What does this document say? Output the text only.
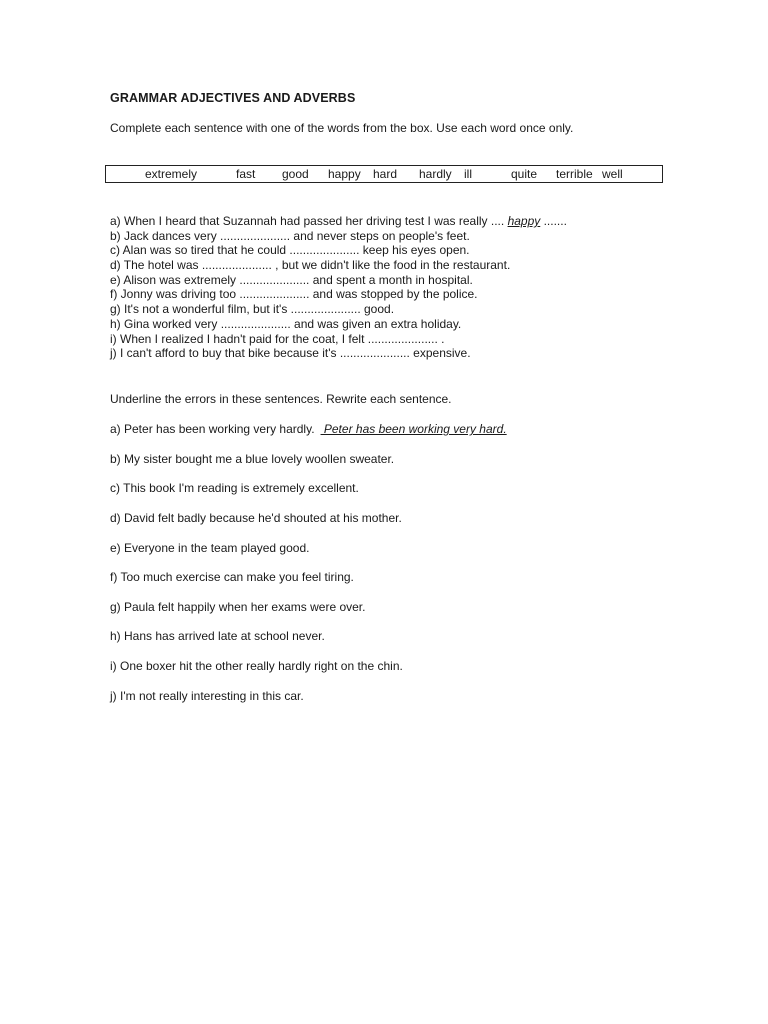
GRAMMAR ADJECTIVES AND ADVERBS
Complete each sentence with one of the words from the box. Use each word once only.
extremely	fast good happy hard hardly ill	quite terrible well
a) When I heard that Suzannah had passed her driving test I was really .... happy .......
b) Jack dances very ..................... and never steps on people's feet.
c) Alan was so tired that he could ..................... keep his eyes open.
d) The hotel was ..................... , but we didn't like the food in the restaurant.
e) Alison was extremely ..................... and spent a month in hospital.
f) Jonny was driving too ..................... and was stopped by the police.
g) It's not a wonderful film, but it's ..................... good.
h) Gina worked very ..................... and was given an extra holiday.
i) When I realized I hadn't paid for the coat, I felt ..................... .
j) I can't afford to buy that bike because it's ..................... expensive.
Underline the errors in these sentences. Rewrite each sentence.
a) Peter has been working very hardly. Peter has been working very hard.
b) My sister bought me a blue lovely woollen sweater.
c) This book I'm reading is extremely excellent.
d) David felt badly because he'd shouted at his mother.
e) Everyone in the team played good.
f) Too much exercise can make you feel tiring.
g) Paula felt happily when her exams were over.
h) Hans has arrived late at school never.
i) One boxer hit the other really hardly right on the chin.
j) I'm not really interesting in this car.
